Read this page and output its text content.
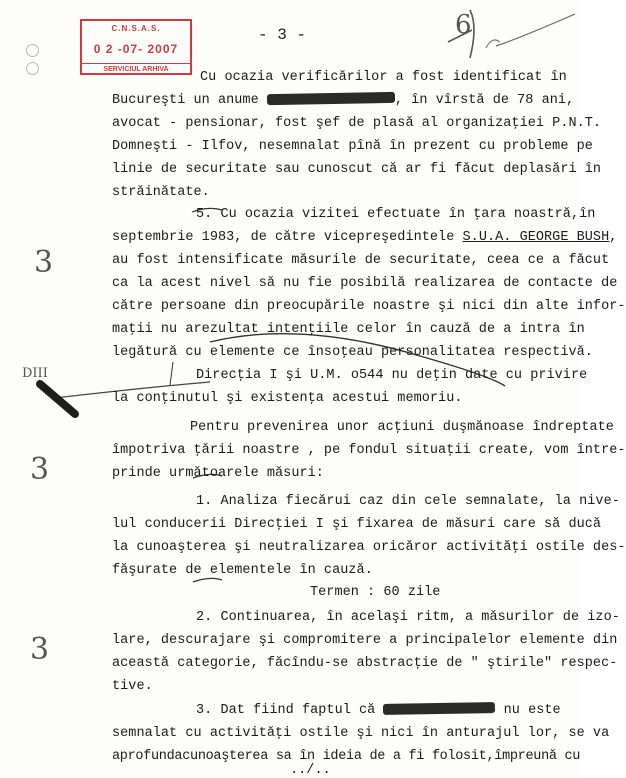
C.N.S.A.S.
0 2 -07- 2007
SERVICIUL ARHIVA
- 3 -	6
3
3
3
DIII
Cu ocazia verificărilor a fost identificat în
Bucureşti un anume	, în vîrstă de 78 ani,
avocat - pensionar, fost şef de plasă al organizaţiei P.N.T.
Domneşti - Ilfov, nesemnalat pînă în prezent cu probleme pe
linie de securitate sau cunoscut că ar fi făcut deplasări în
străinătate.
5. Cu ocazia vizitei efectuate în ţara noastră,în
septembrie 1983, de către vicepreşedintele S.U.A. GEORGE BUSH,
au fost intensificate măsurile de securitate, ceea ce a făcut
ca la acest nivel să nu fie posibilă realizarea de contacte de
către persoane din preocupările noastre şi nici din alte infor-
maţii nu arezultat intenţiile celor în cauză de a intra în
legătură cu elemente ce însoţeau personalitatea respectivă.
Direcţia I şi U.M. o544 nu deţin date cu privire
la conţinutul şi existenţa acestui memoriu.
Pentru prevenirea unor acţiuni duşmănoase îndreptate
împotriva ţării noastre , pe fondul situaţii create, vom între-
prinde următoarele măsuri:
1. Analiza fiecărui caz din cele semnalate, la nive-
lul conducerii Direcţiei I şi fixarea de măsuri care să ducă
la cunoaşterea şi neutralizarea oricăror activităţi ostile des-
făşurate de elementele în cauză.
Termen : 60 zile
2. Continuarea, în acelaşi ritm, a măsurilor de izo-
lare, descurajare şi compromitere a principalelor elemente din
această categorie, făcîndu-se abstracţie de " ştirile" respec-
tive.
3. Dat fiind faptul că	nu este
semnalat cu activităţi ostile şi nici în anturajul lor, se va
aprofundacunoaşterea sa în ideia de a fi folosit,împreună cu
../..
